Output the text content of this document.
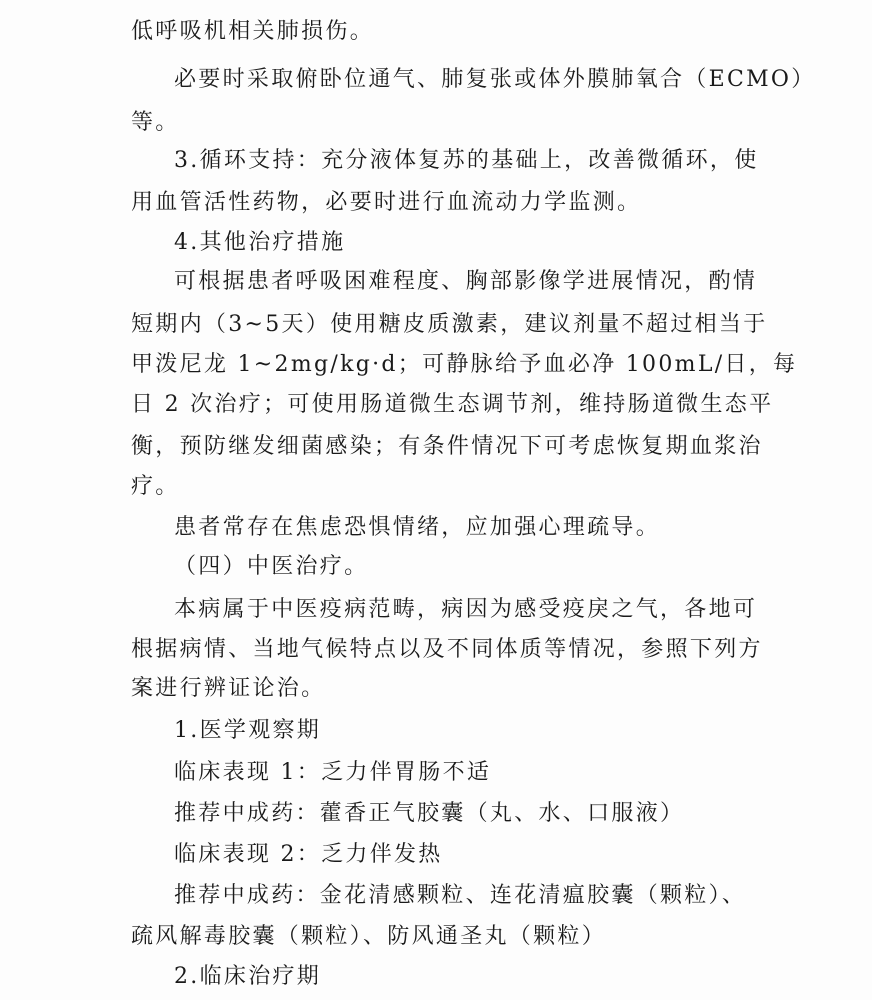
低呼吸机相关肺损伤。
必要时采取俯卧位通气、肺复张或体外膜肺氧合（ECMO）
等。
3.循环支持：充分液体复苏的基础上，改善微循环，使
用血管活性药物，必要时进行血流动力学监测。
4.其他治疗措施
可根据患者呼吸困难程度、胸部影像学进展情况，酌情
短期内（3~5天）使用糖皮质激素，建议剂量不超过相当于
甲泼尼龙 1~2mg/kg·d；可静脉给予血必净 100mL/日，每
日 2 次治疗；可使用肠道微生态调节剂，维持肠道微生态平
衡，预防继发细菌感染；有条件情况下可考虑恢复期血浆治
疗。
患者常存在焦虑恐惧情绪，应加强心理疏导。
（四）中医治疗。
本病属于中医疫病范畴，病因为感受疫戾之气，各地可
根据病情、当地气候特点以及不同体质等情况，参照下列方
案进行辨证论治。
1.医学观察期
临床表现 1：乏力伴胃肠不适
推荐中成药：藿香正气胶囊（丸、水、口服液）
临床表现 2：乏力伴发热
推荐中成药：金花清感颗粒、连花清瘟胶囊（颗粒）、
疏风解毒胶囊（颗粒）、防风通圣丸（颗粒）
2.临床治疗期
